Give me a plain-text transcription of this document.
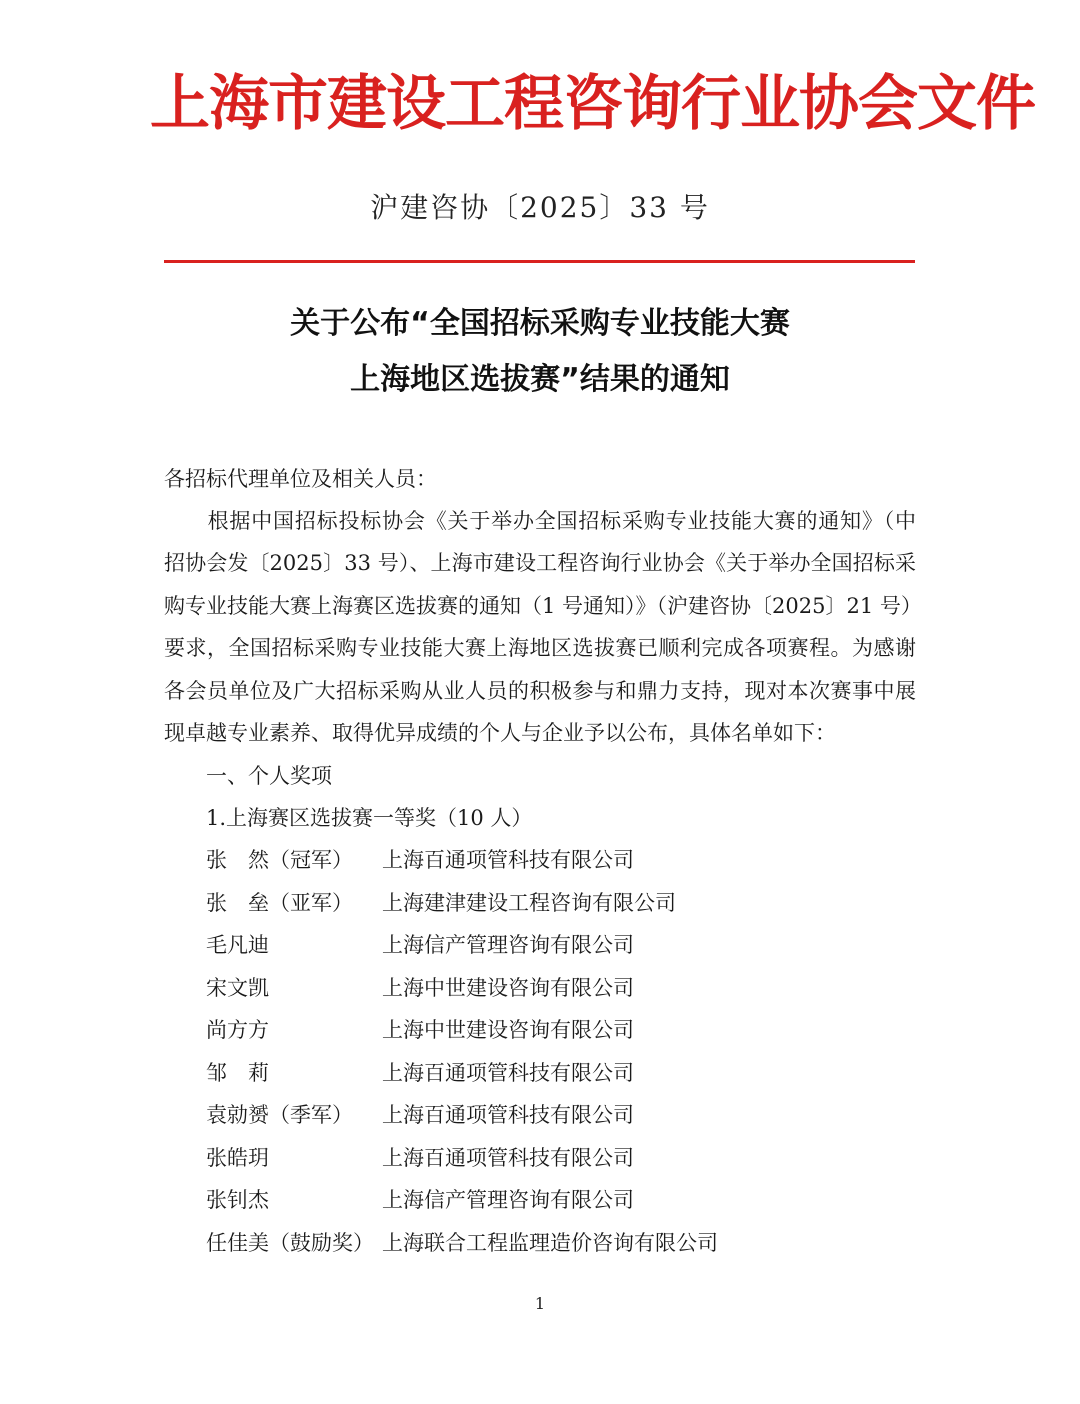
上海市建设工程咨询行业协会文件
沪建咨协〔2025〕33 号
关于公布“全国招标采购专业技能大赛
上海地区选拔赛”结果的通知
各招标代理单位及相关人员：
　　根据中国招标投标协会《关于举办全国招标采购专业技能大赛的通知》（中
招协会发〔2025〕33 号）、上海市建设工程咨询行业协会《关于举办全国招标采
购专业技能大赛上海赛区选拔赛的通知（1 号通知）》（沪建咨协〔2025〕21 号）
要求，全国招标采购专业技能大赛上海地区选拔赛已顺利完成各项赛程。为感谢
各会员单位及广大招标采购从业人员的积极参与和鼎力支持，现对本次赛事中展
现卓越专业素养、取得优异成绩的个人与企业予以公布，具体名单如下：
一、个人奖项
1.上海赛区选拔赛一等奖（10 人）
张　然（冠军） 上海百通项管科技有限公司
张　垒（亚军） 上海建津建设工程咨询有限公司
毛凡迪	上海信产管理咨询有限公司
宋文凯	上海中世建设咨询有限公司
尚方方	上海中世建设咨询有限公司
邹　莉	上海百通项管科技有限公司
袁勍赟（季军） 上海百通项管科技有限公司
张皓玥	上海百通项管科技有限公司
张钊杰	上海信产管理咨询有限公司
任佳美（鼓励奖） 上海联合工程监理造价咨询有限公司
1
